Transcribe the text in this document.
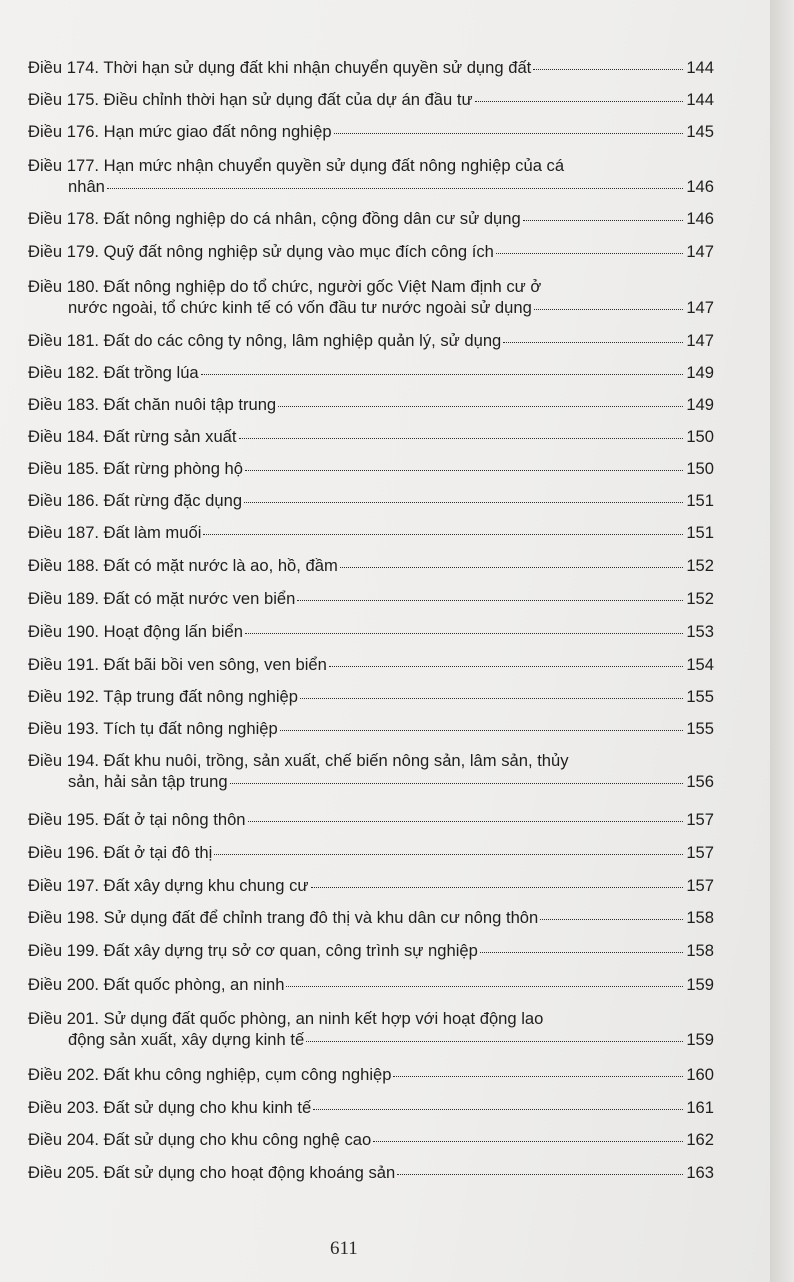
Điều 174. Thời hạn sử dụng đất khi nhận chuyển quyền sử dụng đất	144
Điều 175. Điều chỉnh thời hạn sử dụng đất của dự án đầu tư	144
Điều 176. Hạn mức giao đất nông nghiệp	145
Điều 177. Hạn mức nhận chuyển quyền sử dụng đất nông nghiệp của cá
nhân	146
Điều 178. Đất nông nghiệp do cá nhân, cộng đồng dân cư sử dụng	146
Điều 179. Quỹ đất nông nghiệp sử dụng vào mục đích công ích	147
Điều 180. Đất nông nghiệp do tổ chức, người gốc Việt Nam định cư ở
nước ngoài, tổ chức kinh tế có vốn đầu tư nước ngoài sử dụng	147
Điều 181. Đất do các công ty nông, lâm nghiệp quản lý, sử dụng	147
Điều 182. Đất trồng lúa	149
Điều 183. Đất chăn nuôi tập trung	149
Điều 184. Đất rừng sản xuất	150
Điều 185. Đất rừng phòng hộ	150
Điều 186. Đất rừng đặc dụng	151
Điều 187. Đất làm muối	151
Điều 188. Đất có mặt nước là ao, hồ, đầm	152
Điều 189. Đất có mặt nước ven biển	152
Điều 190. Hoạt động lấn biển	153
Điều 191. Đất bãi bồi ven sông, ven biển	154
Điều 192. Tập trung đất nông nghiệp	155
Điều 193. Tích tụ đất nông nghiệp	155
Điều 194. Đất khu nuôi, trồng, sản xuất, chế biến nông sản, lâm sản, thủy
sản, hải sản tập trung	156
Điều 195. Đất ở tại nông thôn	157
Điều 196. Đất ở tại đô thị	157
Điều 197. Đất xây dựng khu chung cư	157
Điều 198. Sử dụng đất để chỉnh trang đô thị và khu dân cư nông thôn	158
Điều 199. Đất xây dựng trụ sở cơ quan, công trình sự nghiệp	158
Điều 200. Đất quốc phòng, an ninh	159
Điều 201. Sử dụng đất quốc phòng, an ninh kết hợp với hoạt động lao
động sản xuất, xây dựng kinh tế	159
Điều 202. Đất khu công nghiệp, cụm công nghiệp	160
Điều 203. Đất sử dụng cho khu kinh tế	161
Điều 204. Đất sử dụng cho khu công nghệ cao	162
Điều 205. Đất sử dụng cho hoạt động khoáng sản	163
611
